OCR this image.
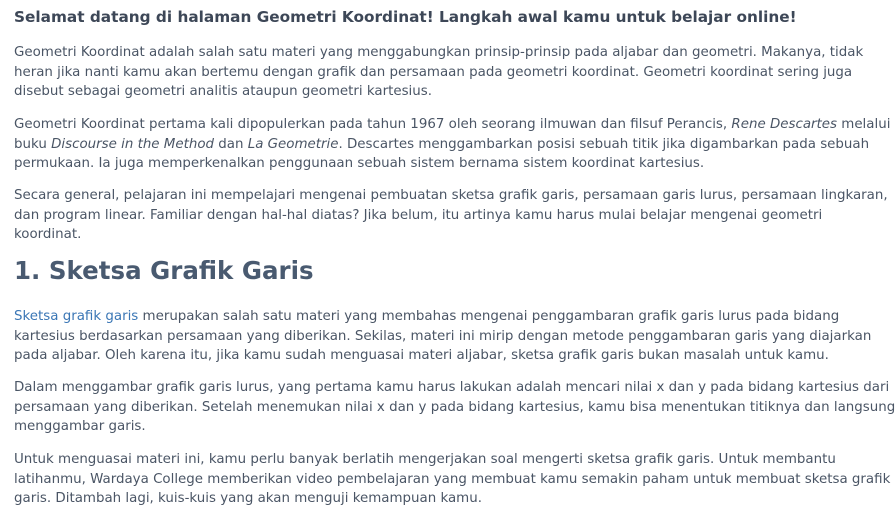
Selamat datang di halaman Geometri Koordinat! Langkah awal kamu untuk belajar online!
Geometri Koordinat adalah salah satu materi yang menggabungkan prinsip-prinsip pada aljabar dan geometri. Makanya, tidak
heran jika nanti kamu akan bertemu dengan grafik dan persamaan pada geometri koordinat. Geometri koordinat sering juga
disebut sebagai geometri analitis ataupun geometri kartesius.
Geometri Koordinat pertama kali dipopulerkan pada tahun 1967 oleh seorang ilmuwan dan filsuf Perancis, Rene Descartes melalui
buku Discourse in the Method dan La Geometrie. Descartes menggambarkan posisi sebuah titik jika digambarkan pada sebuah
permukaan. Ia juga memperkenalkan penggunaan sebuah sistem bernama sistem koordinat kartesius.
Secara general, pelajaran ini mempelajari mengenai pembuatan sketsa grafik garis, persamaan garis lurus, persamaan lingkaran,
dan program linear. Familiar dengan hal-hal diatas? Jika belum, itu artinya kamu harus mulai belajar mengenai geometri
koordinat.
1. Sketsa Grafik Garis
Sketsa grafik garis merupakan salah satu materi yang membahas mengenai penggambaran grafik garis lurus pada bidang
kartesius berdasarkan persamaan yang diberikan. Sekilas, materi ini mirip dengan metode penggambaran garis yang diajarkan
pada aljabar. Oleh karena itu, jika kamu sudah menguasai materi aljabar, sketsa grafik garis bukan masalah untuk kamu.
Dalam menggambar grafik garis lurus, yang pertama kamu harus lakukan adalah mencari nilai x dan y pada bidang kartesius dari
persamaan yang diberikan. Setelah menemukan nilai x dan y pada bidang kartesius, kamu bisa menentukan titiknya dan langsung
menggambar garis.
Untuk menguasai materi ini, kamu perlu banyak berlatih mengerjakan soal mengerti sketsa grafik garis. Untuk membantu
latihanmu, Wardaya College memberikan video pembelajaran yang membuat kamu semakin paham untuk membuat sketsa grafik
garis. Ditambah lagi, kuis-kuis yang akan menguji kemampuan kamu.
